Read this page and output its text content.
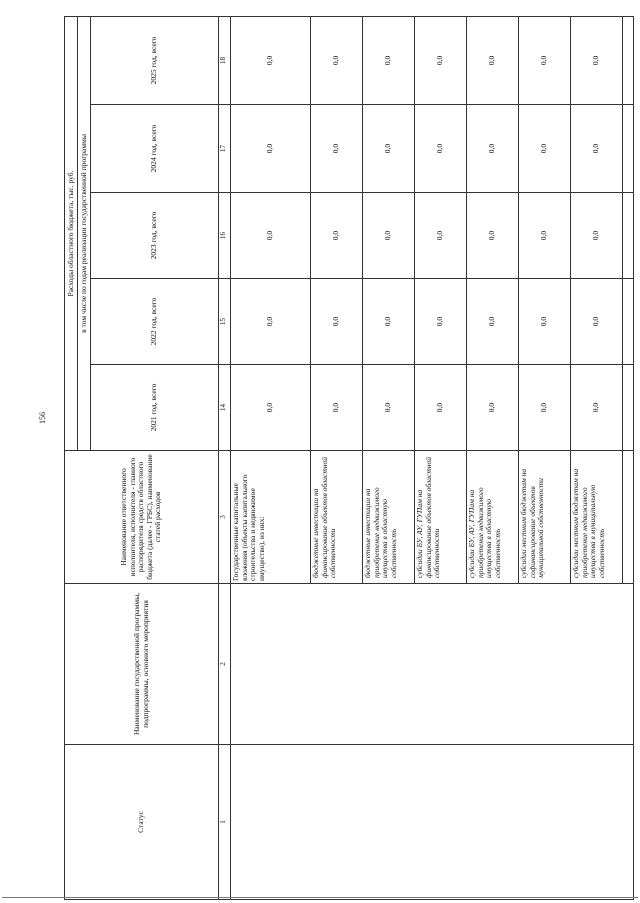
156
Статус	Наименование государственной программы, подпрограммы, основного мероприятия	Наименование ответственного исполнителя, исполнителя - главного распорядителя средств областного бюджета (далее - ГРБС), наименование статей расходов	Расходы областного бюджета, тыс. руб.				
			в том числе по годам реализации государственной программы				
			2021 год, всего	2022 год, всего	2023 год, всего	2024 год, всего	2025 год, всего
1	2	3	14	15	16	17	18
		Государственные капитальные вложения (объекты капитального строительства и недвижимое имущество), из них:	0,0	0,0	0,0	0,0	0,0
		бюджетные инвестиции на финансирование объектов областной собственности	0,0	0,0	0,0	0,0	0,0
		бюджетные инвестиции на приобретение недвижимого имущества в областную собственность	0,0	0,0	0,0	0,0	0,0
		субсидии БУ, АУ, ГУПам на финансирование объектов областной собственности	0,0	0,0	0,0	0,0	0,0
		субсидии БУ, АУ, ГУПам на приобретение недвижимого имущества в областную собственность	0,0	0,0	0,0	0,0	0,0
		субсидии местным бюджетам на софинансирование объектов муниципальной собственности	0,0	0,0	0,0	0,0	0,0
		субсидии местным бюджетам на приобретение недвижимого имущества в муниципальную собственность	0,0	0,0	0,0	0,0	0,0
